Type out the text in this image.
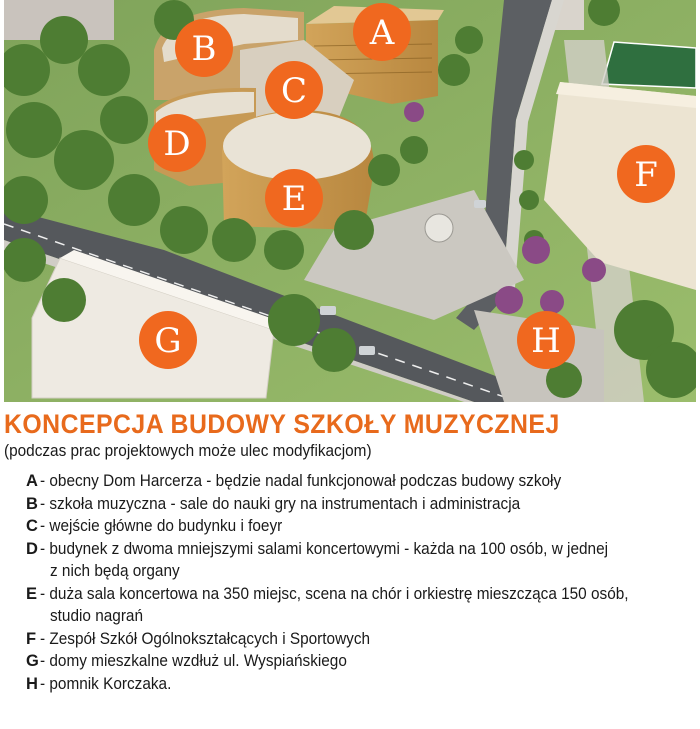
A
B
C
D
E
F
G	H
KONCEPCJA BUDOWY SZKOŁY MUZYCZNEJ

(podczas prac projektowych może ulec modyfikacjom)

A - obecny Dom Harcerza - będzie nadal funkcjonował podczas budowy szkoły
B - szkoła muzyczna - sale do nauki gry na instrumentach i administracja
C - wejście główne do budynku i foeyr
D - budynek z dwoma mniejszymi salami koncertowymi - każda na 100 osób, w jednej
z nich będą organy
E - duża sala koncertowa na 350 miejsc, scena na chór i orkiestrę mieszcząca 150 osób,
studio nagrań
F - Zespół Szkół Ogólnokształcących i Sportowych
G - domy mieszkalne wzdłuż ul. Wyspiańskiego
H - pomnik Korczaka.
